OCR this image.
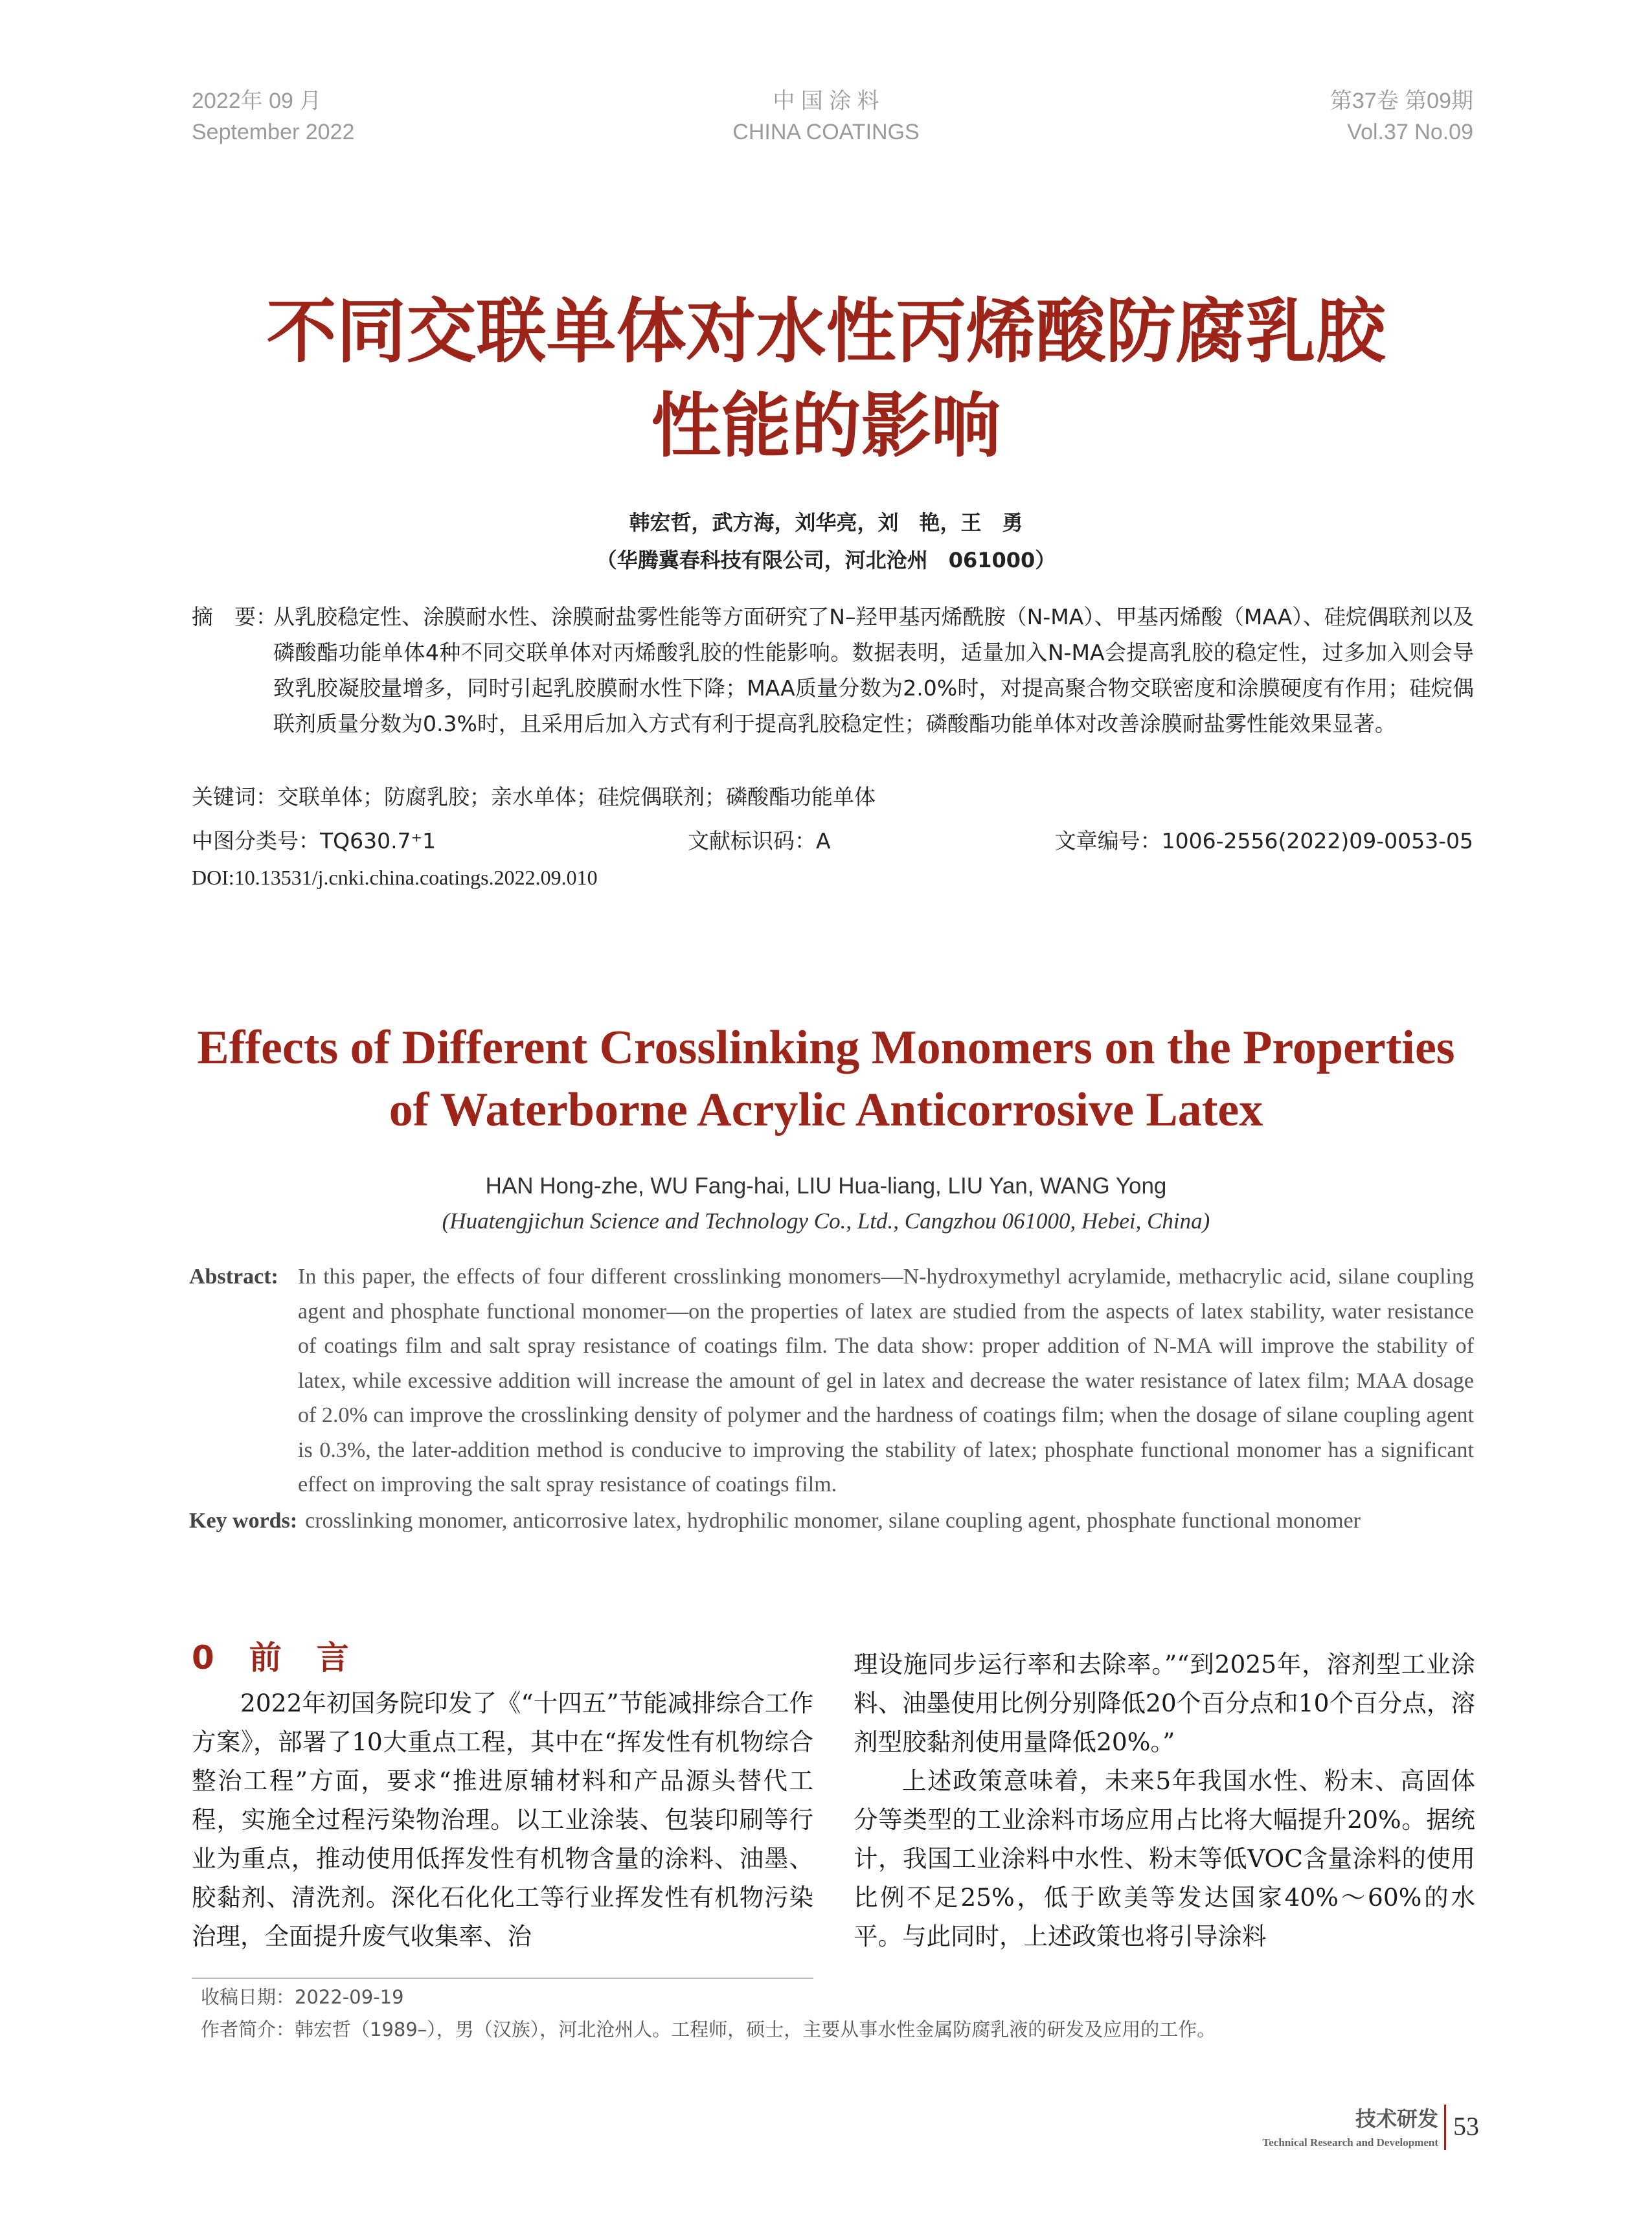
2022年 09 月
September 2022
中 国 涂 料
CHINA COATINGS
第37卷 第09期
Vol.37 No.09
不同交联单体对水性丙烯酸防腐乳胶
性能的影响
韩宏哲，武方海，刘华亮，刘　艳，王　勇
（华腾冀春科技有限公司，河北沧州　061000）
摘　要：
从乳胶稳定性、涂膜耐水性、涂膜耐盐雾性能等方面研究了N–羟甲基丙烯酰胺（N-MA）、甲基丙烯酸（MAA）、硅烷偶联剂以及磷酸酯功能单体4种不同交联单体对丙烯酸乳胶的性能影响。数据表明，适量加入N-MA会提高乳胶的稳定性，过多加入则会导致乳胶凝胶量增多，同时引起乳胶膜耐水性下降；MAA质量分数为2.0%时，对提高聚合物交联密度和涂膜硬度有作用；硅烷偶联剂质量分数为0.3%时，且采用后加入方式有利于提高乳胶稳定性；磷酸酯功能单体对改善涂膜耐盐雾性能效果显著。
关键词：交联单体；防腐乳胶；亲水单体；硅烷偶联剂；磷酸酯功能单体
中图分类号：TQ630.7⁺1	文献标识码：A	文章编号：1006-2556(2022)09-0053-05
DOI:10.13531/j.cnki.china.coatings.2022.09.010
Effects of Different Crosslinking Monomers on the Properties
of Waterborne Acrylic Anticorrosive Latex
HAN Hong-zhe, WU Fang-hai, LIU Hua-liang, LIU Yan, WANG Yong
(Huatengjichun Science and Technology Co., Ltd., Cangzhou 061000, Hebei, China)
Abstract: In this paper, the effects of four different crosslinking monomers—N-hydroxymethyl acrylamide, methacrylic acid, silane coupling agent and phosphate functional monomer—on the properties of latex are studied from the aspects of latex stability, water resistance of coatings film and salt spray resistance of coatings film. The data show: proper addition of N-MA will improve the stability of latex, while excessive addition will increase the amount of gel in latex and decrease the water resistance of latex film; MAA dosage of 2.0% can improve the crosslinking density of polymer and the hardness of coatings film; when the dosage of silane coupling agent is 0.3%, the later-addition method is conducive to improving the stability of latex; phosphate functional monomer has a significant effect on improving the salt spray resistance of coatings film.
Key words: crosslinking monomer, anticorrosive latex, hydrophilic monomer, silane coupling agent, phosphate functional monomer
0　前　言

2022年初国务院印发了《“十四五”节能减排综合工作方案》，部署了10大重点工程，其中在“挥发性有机物综合整治工程”方面，要求“推进原辅材料和产品源头替代工程，实施全过程污染物治理。以工业涂装、包装印刷等行业为重点，推动使用低挥发性有机物含量的涂料、油墨、胶黏剂、清洗剂。深化石化化工等行业挥发性有机物污染治理，全面提升废气收集率、治

理设施同步运行率和去除率。”“到2025年，溶剂型工业涂料、油墨使用比例分别降低20个百分点和10个百分点，溶剂型胶黏剂使用量降低20%。”

上述政策意味着，未来5年我国水性、粉末、高固体分等类型的工业涂料市场应用占比将大幅提升20%。据统计，我国工业涂料中水性、粉末等低VOC含量涂料的使用比例不足25%，低于欧美等发达国家40%～60%的水平。与此同时，上述政策也将引导涂料

收稿日期：2022-09-19
作者简介：韩宏哲（1989–），男（汉族），河北沧州人。工程师，硕士，主要从事水性金属防腐乳液的研发及应用的工作。
技术研发
Technical Research and Development
53
